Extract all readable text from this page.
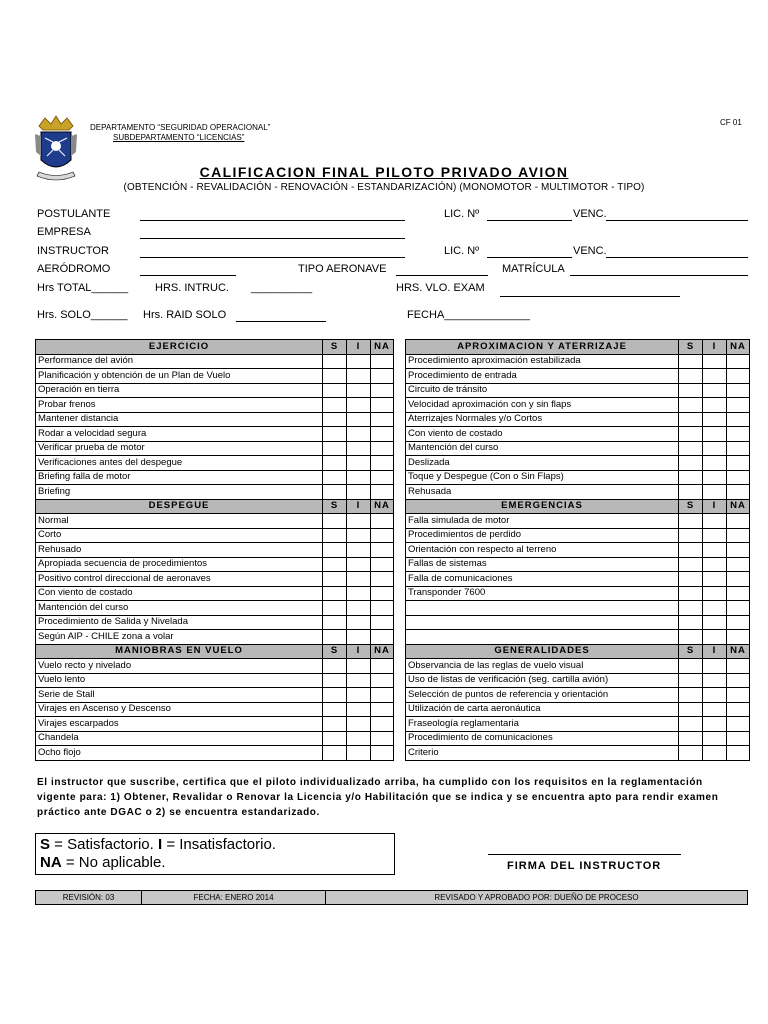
DEPARTAMENTO “SEGURIDAD OPERACIONAL”
SUBDEPARTAMENTO “LICENCIAS”
CF 01
CALIFICACION FINAL PILOTO PRIVADO AVION
(OBTENCIÓN - REVALIDACIÓN - RENOVACIÓN - ESTANDARIZACIÓN) (MONOMOTOR - MULTIMOTOR - TIPO)
POSTULANTE	LIC. Nº	VENC.
EMPRESA
INSTRUCTOR	LIC. Nº	VENC.
AERÓDROMO	TIPO AERONAVE	MATRÍCULA
Hrs TOTAL______ HRS. INTRUC. __________	HRS. VLO. EXAM
Hrs. SOLO______ Hrs. RAID SOLO	FECHA______________
EJERCICIO	S	I	NA
Performance del avión			
Planificación y obtención de un Plan de Vuelo			
Operación en tierra			
Probar frenos			
Mantener distancia			
Rodar a velocidad segura			
Verificar prueba de motor			
Verificaciones antes del despegue			
Briefing falla de motor			
Briefing			
DESPEGUE	S	I	NA
Normal			
Corto			
Rehusado			
Apropiada secuencia de procedimientos			
Positivo control direccional de aeronaves			
Con viento de costado			
Mantención del curso			
Procedimiento de Salida y Nivelada			
Según AIP - CHILE zona a volar			
MANIOBRAS EN VUELO	S	I	NA
Vuelo recto y nivelado			
Vuelo lento			
Serie de Stall			
Virajes en Ascenso y Descenso			
Virajes escarpados			
Chandela			
Ocho flojo			
APROXIMACION Y ATERRIZAJE	S	I	NA
Procedimiento aproximación estabilizada			
Procedimiento de entrada			
Circuito de tránsito			
Velocidad aproximación con y sin flaps			
Aterrizajes Normales y/o Cortos			
Con viento de costado			
Mantención del curso			
Deslizada			
Toque y Despegue (Con o Sin Flaps)			
Rehusada			
EMERGENCIAS	S	I	NA
Falla simulada de motor			
Procedimientos de perdido			
Orientación con respecto al terreno			
Fallas de sistemas			
Falla de comunicaciones			
Transponder 7600			

GENERALIDADES	S	I	NA
Observancia de las reglas de vuelo visual			
Uso de listas de verificación (seg. cartilla avión)			
Selección de puntos de referencia y orientación			
Utilización de carta aeronáutica			
Fraseología reglamentaria			
Procedimiento de comunicaciones			
Criterio			
El instructor que suscribe, certifica que el piloto individualizado arriba, ha cumplido con los requisitos en la reglamentación vigente para: 1) Obtener, Revalidar o Renovar la Licencia y/o Habilitación que se indica y se encuentra apto para rendir examen práctico ante DGAC o 2) se encuentra estandarizado.
S = Satisfactorio. I = Insatisfactorio.
NA = No aplicable.	FIRMA DEL INSTRUCTOR
REVISIÓN: 03	FECHA: ENERO 2014	REVISADO Y APROBADO POR: DUEÑO DE PROCESO
